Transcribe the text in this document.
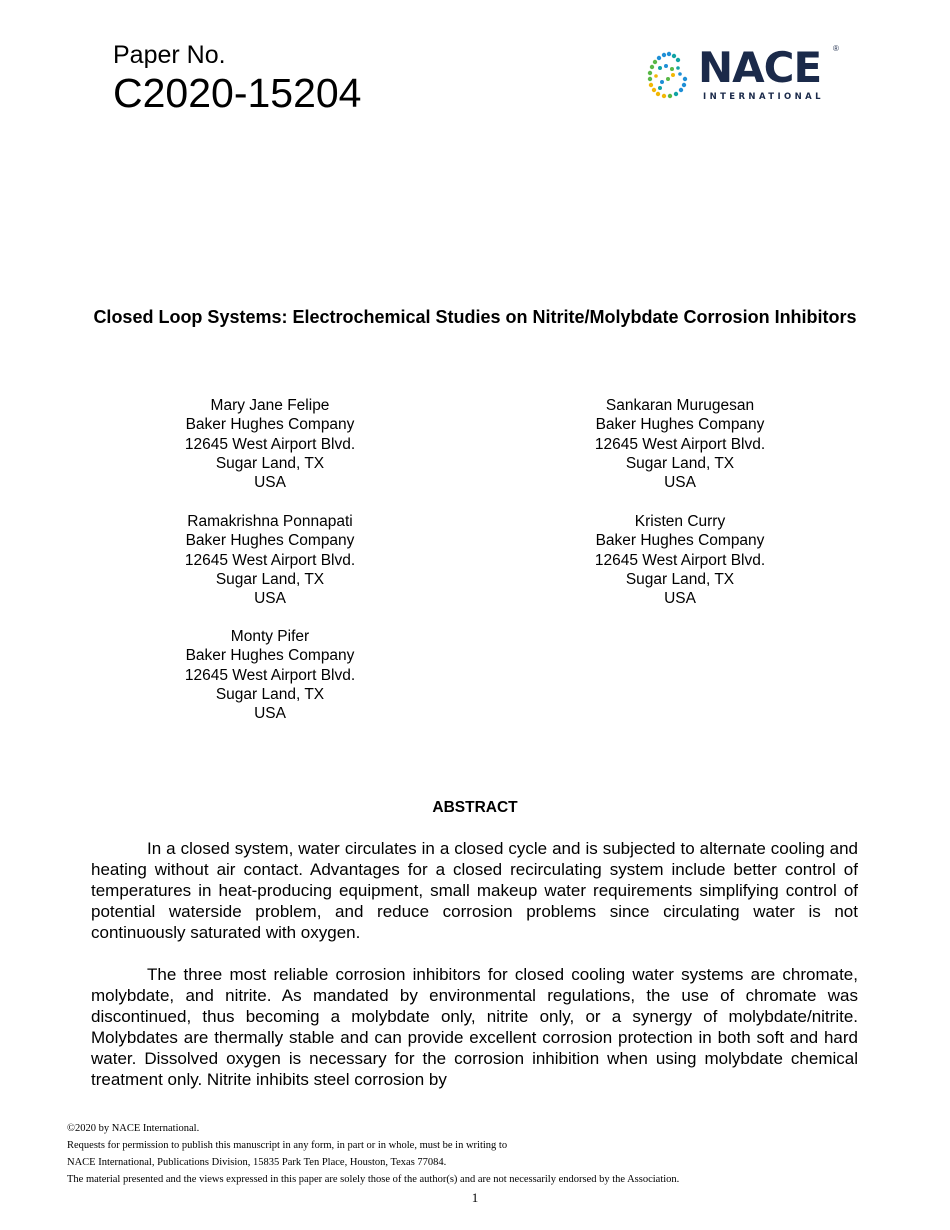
Paper No.
C2020-15204
NACE ®
INTERNATIONAL
Closed Loop Systems: Electrochemical Studies on Nitrite/Molybdate Corrosion Inhibitors
Mary Jane Felipe
Baker Hughes Company
12645 West Airport Blvd.
Sugar Land, TX
USA
Sankaran Murugesan
Baker Hughes Company
12645 West Airport Blvd.
Sugar Land, TX
USA
Ramakrishna Ponnapati
Baker Hughes Company
12645 West Airport Blvd.
Sugar Land, TX
USA
Kristen Curry
Baker Hughes Company
12645 West Airport Blvd.
Sugar Land, TX
USA
Monty Pifer
Baker Hughes Company
12645 West Airport Blvd.
Sugar Land, TX
USA
ABSTRACT

In a closed system, water circulates in a closed cycle and is subjected to alternate cooling and heating without air contact. Advantages for a closed recirculating system include better control of temperatures in heat-producing equipment, small makeup water requirements simplifying control of potential waterside problem, and reduce corrosion problems since circulating water is not continuously saturated with oxygen.

The three most reliable corrosion inhibitors for closed cooling water systems are chromate, molybdate, and nitrite. As mandated by environmental regulations, the use of chromate was discontinued, thus becoming a molybdate only, nitrite only, or a synergy of molybdate/nitrite. Molybdates are thermally stable and can provide excellent corrosion protection in both soft and hard water. Dissolved oxygen is necessary for the corrosion inhibition when using molybdate chemical treatment only. Nitrite inhibits steel corrosion by

©2020 by NACE International.
Requests for permission to publish this manuscript in any form, in part or in whole, must be in writing to
NACE International, Publications Division, 15835 Park Ten Place, Houston, Texas 77084.
The material presented and the views expressed in this paper are solely those of the author(s) and are not necessarily endorsed by the Association.
1
